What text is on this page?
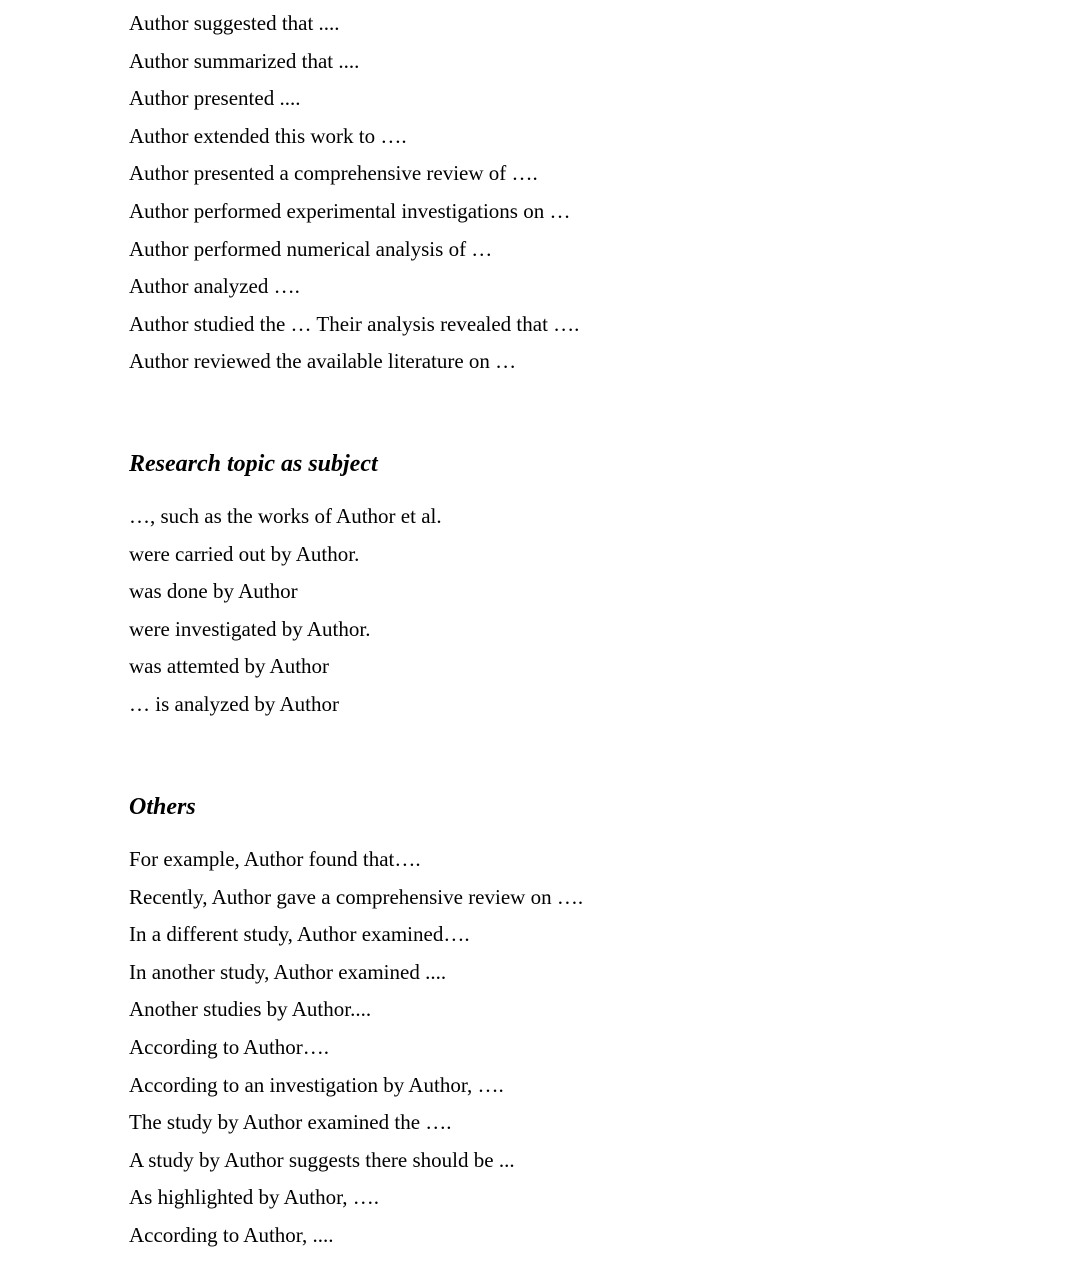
Author suggested that ....
Author summarized that ....
Author presented ....
Author extended this work to ….
Author presented a comprehensive review of ….
Author performed experimental investigations on …
Author performed numerical analysis of …
Author analyzed ….
Author studied the … Their analysis revealed that ….
Author reviewed the available literature on …
Research topic as subject
…, such as the works of Author et al.
were carried out by Author.
was done by Author
were investigated by Author.
was attemted by Author
… is analyzed by Author
Others
For example, Author found that….
Recently, Author gave a comprehensive review on ….
In a different study, Author examined….
In another study, Author examined ....
Another studies by Author....
According to Author….
According to an investigation by Author, ….
The study by Author examined the ….
A study by Author suggests there should be ...
As highlighted by Author, ….
According to Author, ....
